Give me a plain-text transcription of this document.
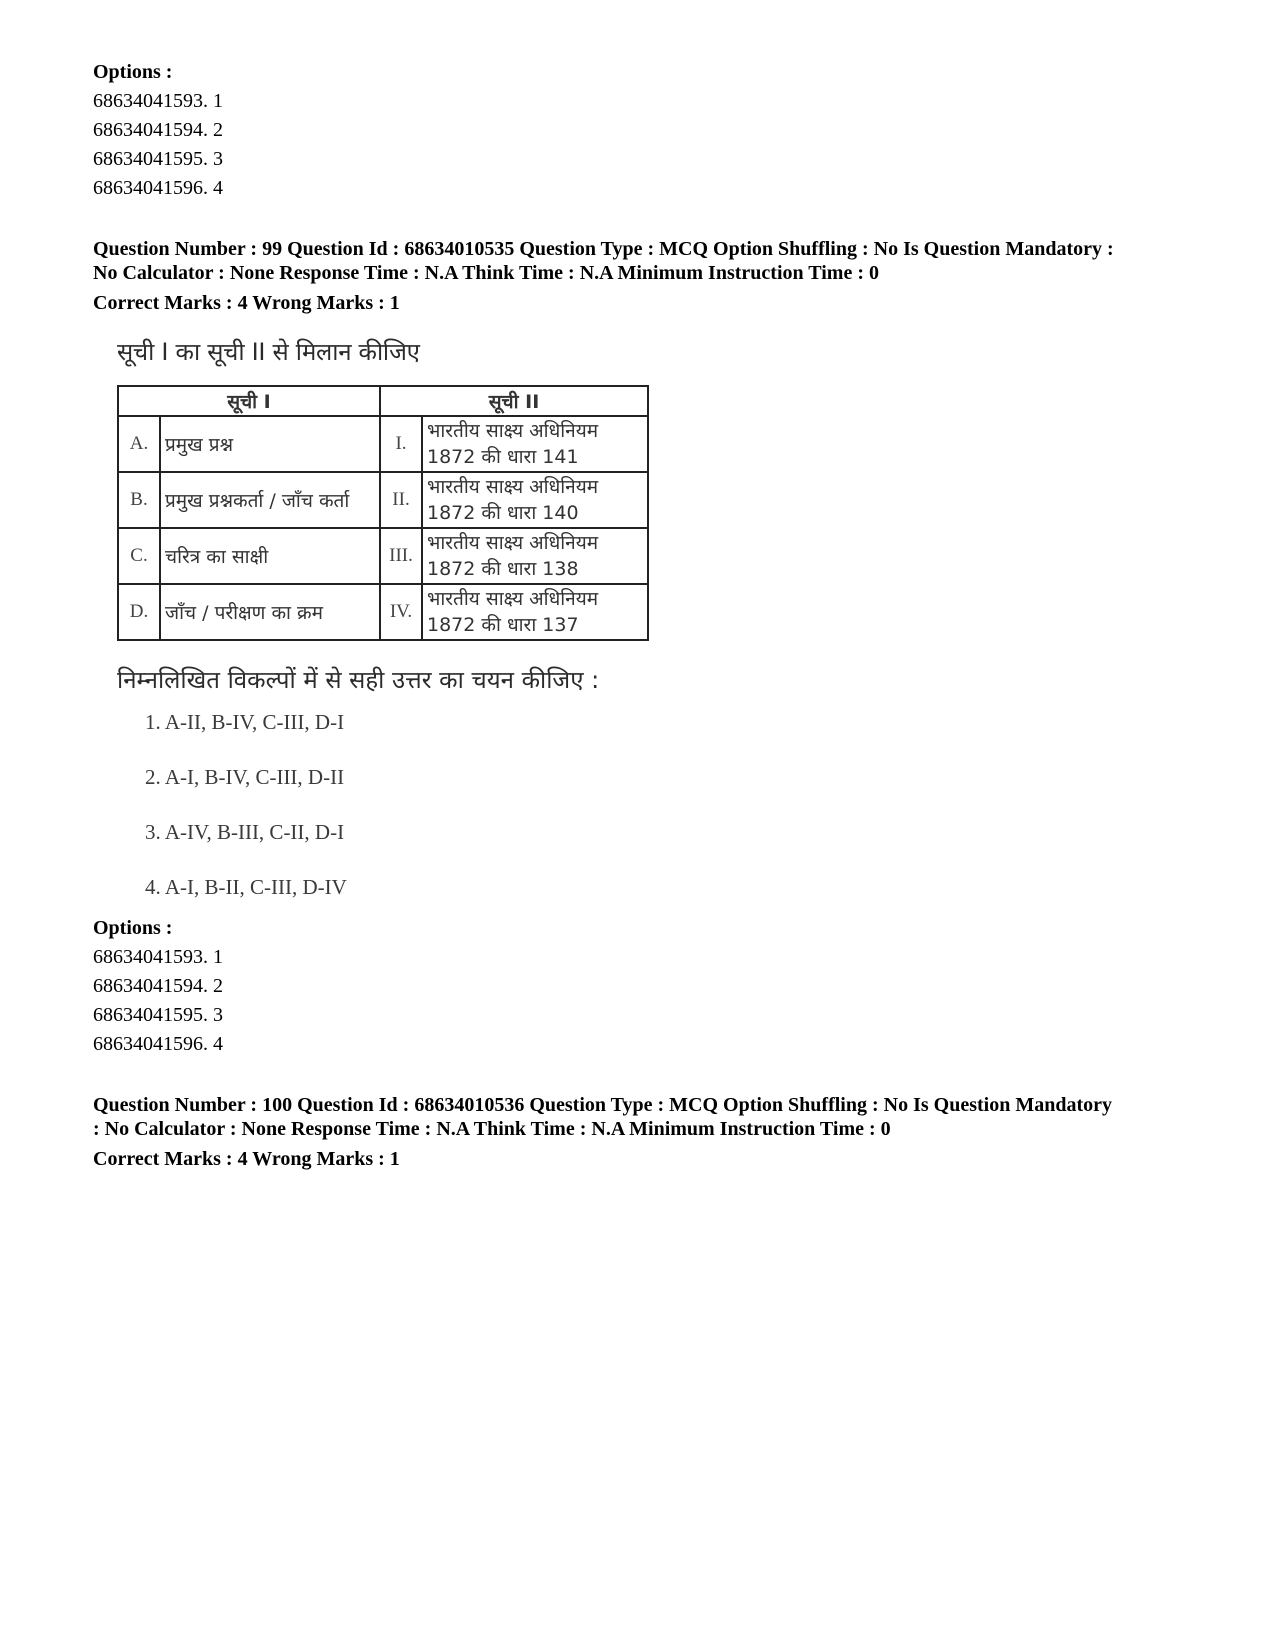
Options :
68634041593. 1
68634041594. 2
68634041595. 3
68634041596. 4
Question Number : 99 Question Id : 68634010535 Question Type : MCQ Option Shuffling : No Is Question Mandatory :
No Calculator : None Response Time : N.A Think Time : N.A Minimum Instruction Time : 0
Correct Marks : 4 Wrong Marks : 1
सूची I का सूची II से मिलान कीजिए
सूची I		सूची II	
A.	प्रमुख प्रश्न	I.	भारतीय साक्ष्य अधिनियम
1872 की धारा 141

B.	प्रमुख प्रश्नकर्ता / जाँच कर्ता	II.	भारतीय साक्ष्य अधिनियम
1872 की धारा 140

C.	चरित्र का साक्षी	III.	भारतीय साक्ष्य अधिनियम
1872 की धारा 138

D.	जाँच / परीक्षण का क्रम	IV.	भारतीय साक्ष्य अधिनियम
1872 की धारा 137
निम्नलिखित विकल्पों में से सही उत्तर का चयन कीजिए :
1. A-II, B-IV, C-III, D-I
2. A-I, B-IV, C-III, D-II
3. A-IV, B-III, C-II, D-I
4. A-I, B-II, C-III, D-IV
Options :
68634041593. 1
68634041594. 2
68634041595. 3
68634041596. 4
Question Number : 100 Question Id : 68634010536 Question Type : MCQ Option Shuffling : No Is Question Mandatory
: No Calculator : None Response Time : N.A Think Time : N.A Minimum Instruction Time : 0
Correct Marks : 4 Wrong Marks : 1
